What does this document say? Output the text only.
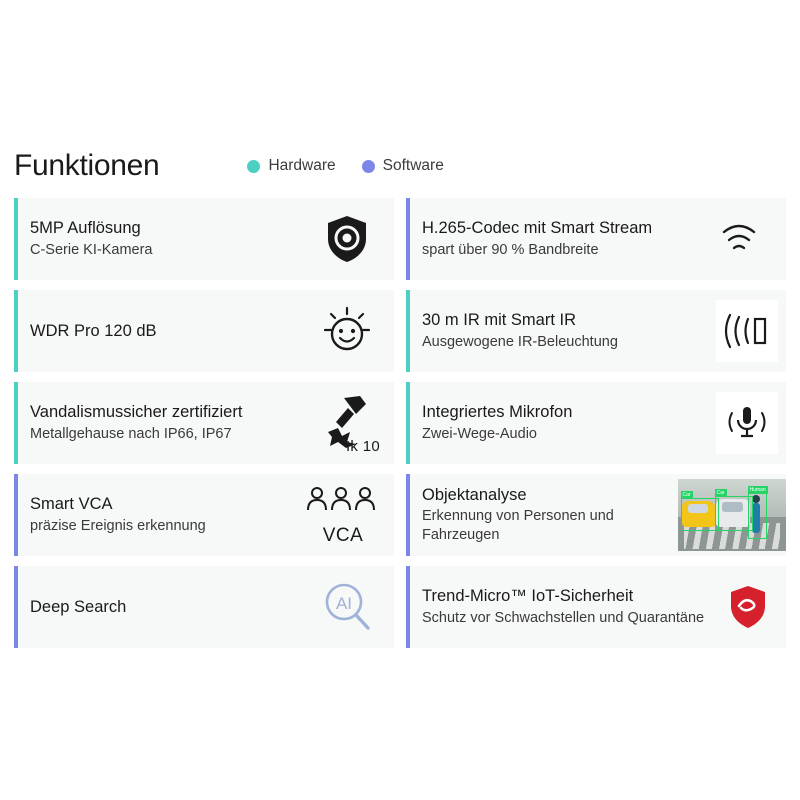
Funktionen	Hardware	Software
5MP Auflösung
C-Serie KI-Kamera
H.265-Codec mit Smart Stream
spart über 90 % Bandbreite
WDR Pro 120 dB
30 m IR mit Smart IR
Ausgewogene IR-Beleuchtung
Vandalismussicher zertifiziert
Metallgehause nach IP66, IP67
Ik 10
Integriertes Mikrofon
Zwei-Wege-Audio
Smart VCA
präzise Ereignis erkennung	VCA
Objektanalyse
Erkennung von Personen und Fahrzeugen
Car	Car	Human
Deep Search	AI	Trend-Micro™ IoT-Sicherheit
Schutz vor Schwachstellen und Quarantäne
